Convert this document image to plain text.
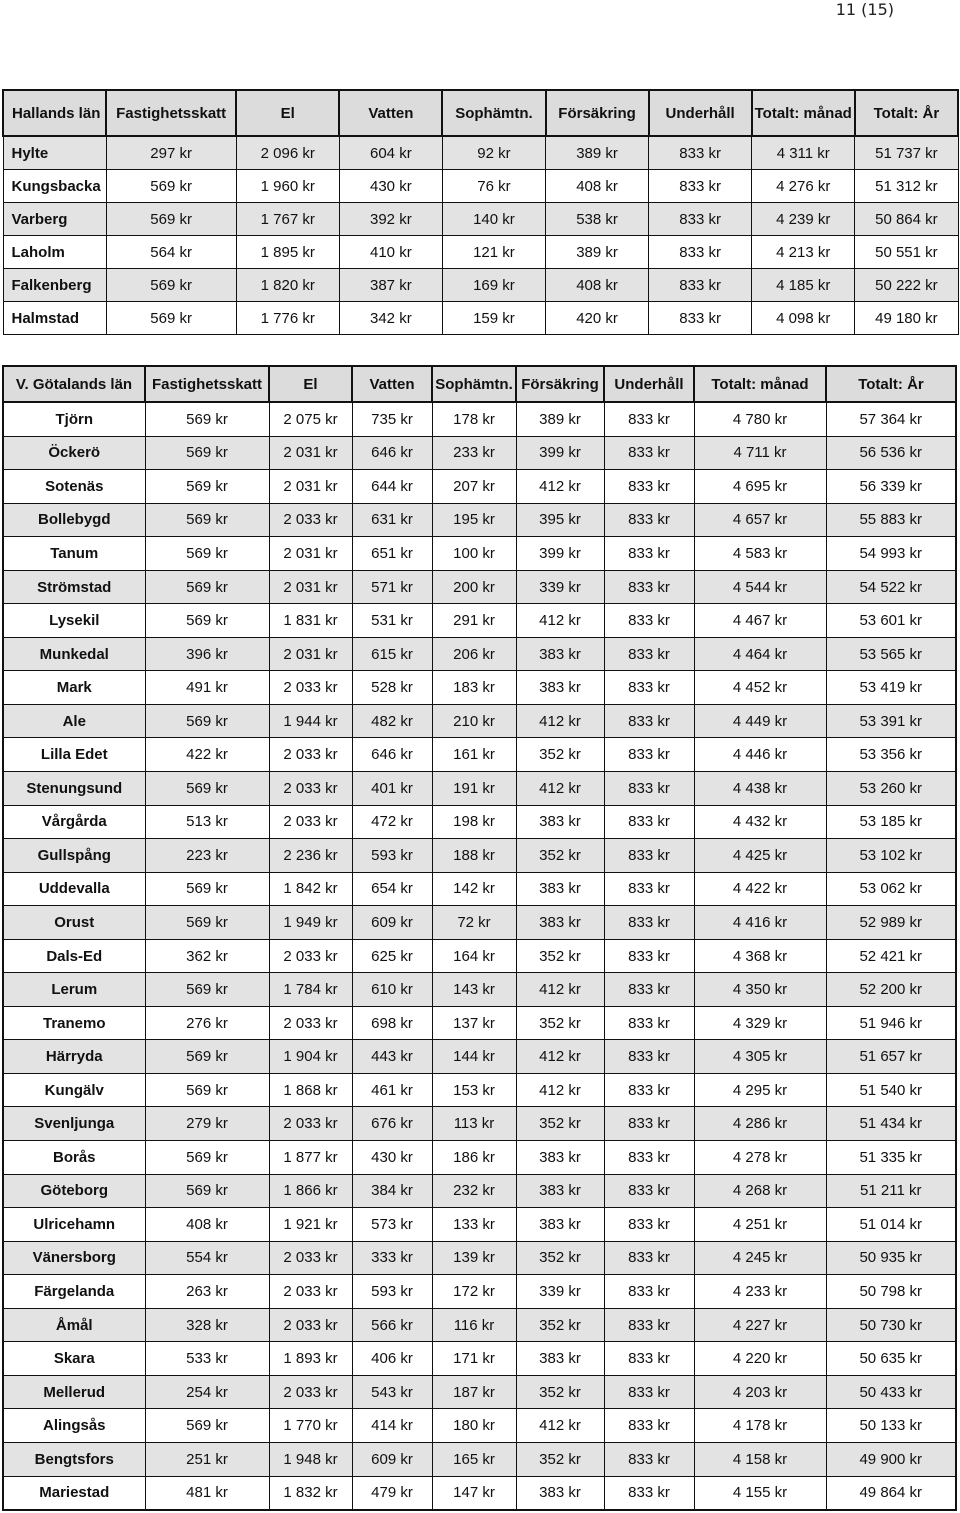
11 (15)
Hallands län	Fastighetsskatt	El	Vatten	Sophämtn.	Försäkring	Underhåll	Totalt: månad	Totalt: År
Hylte	297 kr	2 096 kr	604 kr	92 kr	389 kr	833 kr	4 311 kr	51 737 kr
Kungsbacka	569 kr	1 960 kr	430 kr	76 kr	408 kr	833 kr	4 276 kr	51 312 kr
Varberg	569 kr	1 767 kr	392 kr	140 kr	538 kr	833 kr	4 239 kr	50 864 kr
Laholm	564 kr	1 895 kr	410 kr	121 kr	389 kr	833 kr	4 213 kr	50 551 kr
Falkenberg	569 kr	1 820 kr	387 kr	169 kr	408 kr	833 kr	4 185 kr	50 222 kr
Halmstad	569 kr	1 776 kr	342 kr	159 kr	420 kr	833 kr	4 098 kr	49 180 kr
V. Götalands län	Fastighetsskatt	El	Vatten	Sophämtn.	Försäkring	Underhåll	Totalt: månad	Totalt: År
Tjörn	569 kr	2 075 kr	735 kr	178 kr	389 kr	833 kr	4 780 kr	57 364 kr
Öckerö	569 kr	2 031 kr	646 kr	233 kr	399 kr	833 kr	4 711 kr	56 536 kr
Sotenäs	569 kr	2 031 kr	644 kr	207 kr	412 kr	833 kr	4 695 kr	56 339 kr
Bollebygd	569 kr	2 033 kr	631 kr	195 kr	395 kr	833 kr	4 657 kr	55 883 kr
Tanum	569 kr	2 031 kr	651 kr	100 kr	399 kr	833 kr	4 583 kr	54 993 kr
Strömstad	569 kr	2 031 kr	571 kr	200 kr	339 kr	833 kr	4 544 kr	54 522 kr
Lysekil	569 kr	1 831 kr	531 kr	291 kr	412 kr	833 kr	4 467 kr	53 601 kr
Munkedal	396 kr	2 031 kr	615 kr	206 kr	383 kr	833 kr	4 464 kr	53 565 kr
Mark	491 kr	2 033 kr	528 kr	183 kr	383 kr	833 kr	4 452 kr	53 419 kr
Ale	569 kr	1 944 kr	482 kr	210 kr	412 kr	833 kr	4 449 kr	53 391 kr
Lilla Edet	422 kr	2 033 kr	646 kr	161 kr	352 kr	833 kr	4 446 kr	53 356 kr
Stenungsund	569 kr	2 033 kr	401 kr	191 kr	412 kr	833 kr	4 438 kr	53 260 kr
Vårgårda	513 kr	2 033 kr	472 kr	198 kr	383 kr	833 kr	4 432 kr	53 185 kr
Gullspång	223 kr	2 236 kr	593 kr	188 kr	352 kr	833 kr	4 425 kr	53 102 kr
Uddevalla	569 kr	1 842 kr	654 kr	142 kr	383 kr	833 kr	4 422 kr	53 062 kr
Orust	569 kr	1 949 kr	609 kr	72 kr	383 kr	833 kr	4 416 kr	52 989 kr
Dals-Ed	362 kr	2 033 kr	625 kr	164 kr	352 kr	833 kr	4 368 kr	52 421 kr
Lerum	569 kr	1 784 kr	610 kr	143 kr	412 kr	833 kr	4 350 kr	52 200 kr
Tranemo	276 kr	2 033 kr	698 kr	137 kr	352 kr	833 kr	4 329 kr	51 946 kr
Härryda	569 kr	1 904 kr	443 kr	144 kr	412 kr	833 kr	4 305 kr	51 657 kr
Kungälv	569 kr	1 868 kr	461 kr	153 kr	412 kr	833 kr	4 295 kr	51 540 kr
Svenljunga	279 kr	2 033 kr	676 kr	113 kr	352 kr	833 kr	4 286 kr	51 434 kr
Borås	569 kr	1 877 kr	430 kr	186 kr	383 kr	833 kr	4 278 kr	51 335 kr
Göteborg	569 kr	1 866 kr	384 kr	232 kr	383 kr	833 kr	4 268 kr	51 211 kr
Ulricehamn	408 kr	1 921 kr	573 kr	133 kr	383 kr	833 kr	4 251 kr	51 014 kr
Vänersborg	554 kr	2 033 kr	333 kr	139 kr	352 kr	833 kr	4 245 kr	50 935 kr
Färgelanda	263 kr	2 033 kr	593 kr	172 kr	339 kr	833 kr	4 233 kr	50 798 kr
Åmål	328 kr	2 033 kr	566 kr	116 kr	352 kr	833 kr	4 227 kr	50 730 kr
Skara	533 kr	1 893 kr	406 kr	171 kr	383 kr	833 kr	4 220 kr	50 635 kr
Mellerud	254 kr	2 033 kr	543 kr	187 kr	352 kr	833 kr	4 203 kr	50 433 kr
Alingsås	569 kr	1 770 kr	414 kr	180 kr	412 kr	833 kr	4 178 kr	50 133 kr
Bengtsfors	251 kr	1 948 kr	609 kr	165 kr	352 kr	833 kr	4 158 kr	49 900 kr
Mariestad	481 kr	1 832 kr	479 kr	147 kr	383 kr	833 kr	4 155 kr	49 864 kr
